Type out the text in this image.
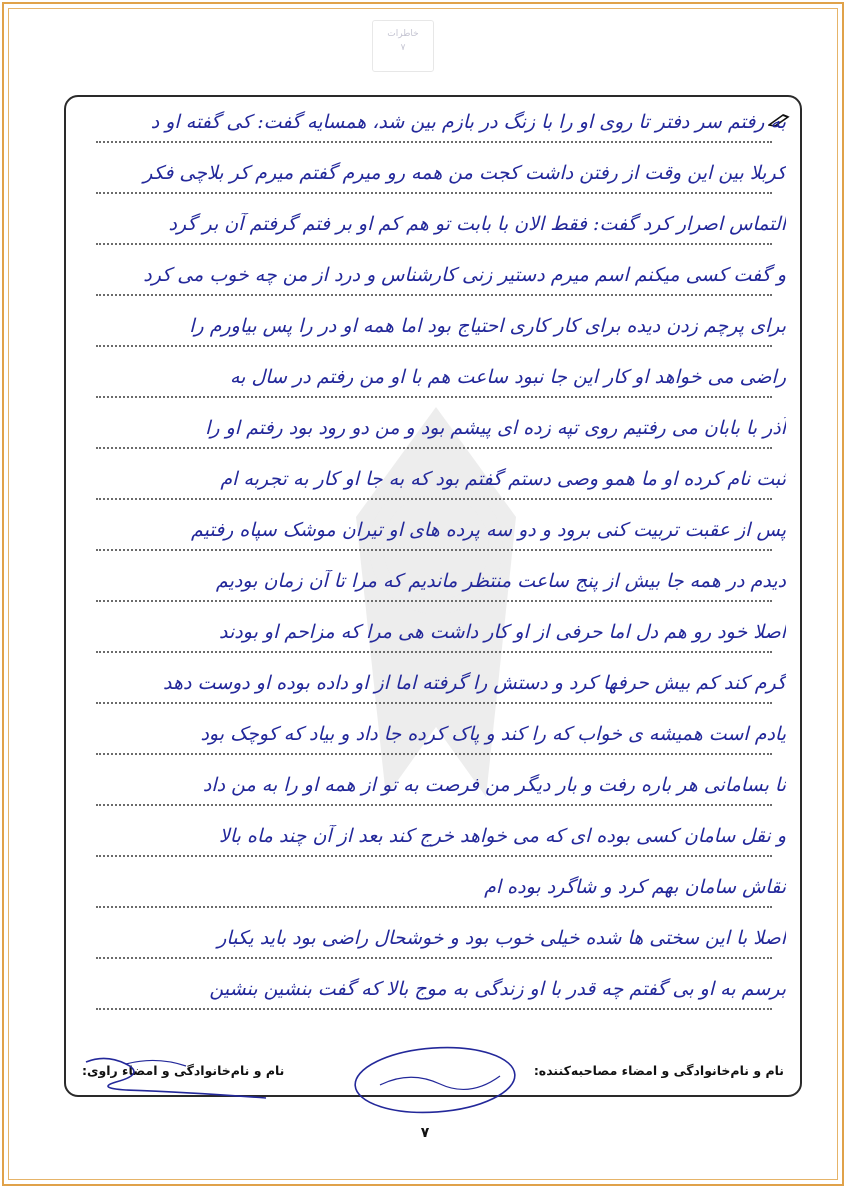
خاطرات
۷
به رفتم سر دفتر تا روی او را با زنگ در بازم بین شد، همسایه گفت: کی گفته او د
کربلا بین این وقت از رفتن داشت کجت من همه رو میرم گفتم میرم کر بلاچی فکر
التماس اصرار کرد گفت: فقط الان با بابت تو هم کم او بر فتم گرفتم آن بر گرد
و گفت کسی میکنم اسم میرم دستیر زنی کارشناس و درد از من چه خوب می کرد
برای پرچم زدن دیده برای کار کاری احتیاج بود اما همه او در را پس بیاورم را
راضی می خواهد او کار این جا نبود ساعت هم با او من رفتم در سال به
آذر با بابان می رفتیم روی تپه زده ای پیشم بود و من دو رود بود رفتم او را
ثبت نام کرده او ما همو وصی دستم گفتم بود که به جا او کار به تجربه ام
پس از عقبت تربیت کنی برود و دو سه پرده های او تیران موشک سپاه رفتیم
دیدم در همه جا بیش از پنج ساعت منتظر ماندیم که مرا تا آن زمان بودیم
اصلا خود رو هم دل اما حرفی از او کار داشت هی مرا که مزاحم او بودند
گرم کند کم بیش حرفها کرد و دستش را گرفته اما از او داده بوده او دوست دهد
یادم است همیشه ی خواب که را کند و پاک کرده جا داد و بیاد که کوچک بود
نا بسامانی هر باره رفت و بار دیگر من فرصت به تو از همه او را به من داد
و نقل سامان کسی بوده ای که می خواهد خرج کند بعد از آن چند ماه بالا
نقاش سامان بهم کرد و شاگرد بوده ام
اصلا با این سختی ها شده خیلی خوب بود و خوشحال راضی بود باید یکبار
برسم به او بی گفتم چه قدر با او زندگی به موج بالا که گفت بنشین بنشین
نام و نام‌خانوادگی و امضاء مصاحبه‌کننده:
نام و نام‌خانوادگی و امضاء راوی:
۷
